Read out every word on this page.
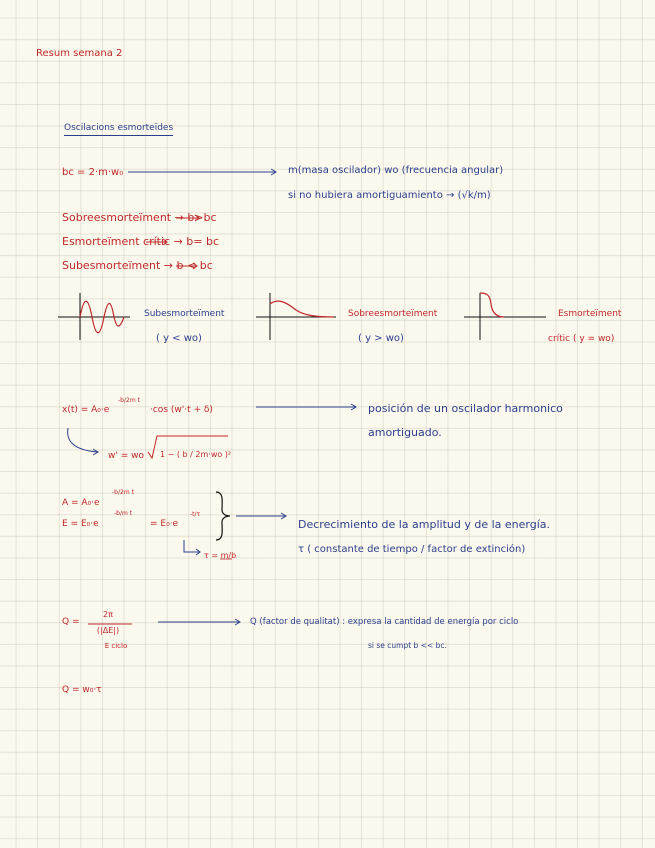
Resum semana 2
Oscilacions esmorteïdes
bc = 2·m·w₀	m(masa oscilador) wo (frecuencia angular)
si no hubiera amortiguamiento → (√k/m)
Sobreesmorteïment → b>bc
Esmorteïment crític → b= bc
Subesmorteïment → b < bc
Subesmorteïment
( y < wo)
Sobreesmorteïment
( y > wo)
Esmorteïment
crític ( y = wo)
x(t) = A₀·e
-b/2m t
·cos (w'·t + δ)	posición de un oscilador harmonico
amortiguado.
w' = wo 1 − ( b / 2m·wo )²
A = A₀·e
-b/2m t
E = E₀·e
-b/m t
= E₀·e
-t/τ
τ = m/b
Decrecimiento de la amplitud y de la energía.
τ ( constante de tiempo / factor de extinción)
Q =
2π
(|ΔE|)
E ciclo
Q (factor de qualitat) : expresa la cantidad de energía por ciclo
si se cumpt b << bc.
Q = w₀·τ
